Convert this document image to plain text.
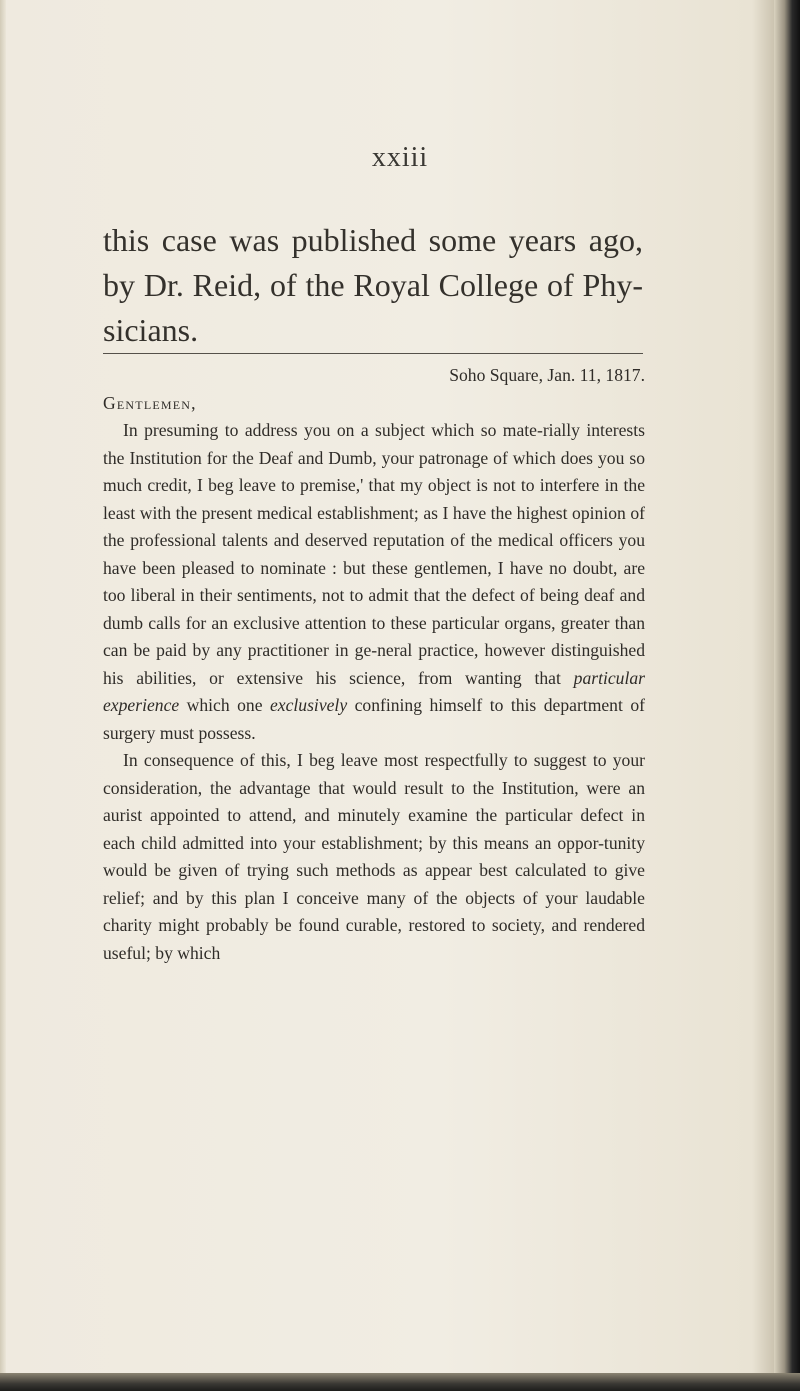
xxiii

this case was published some years ago, by Dr. Reid, of the Royal College of Phy-sicians.

Soho Square, Jan. 11, 1817.

Gentlemen,

In presuming to address you on a subject which so mate-rially interests the Institution for the Deaf and Dumb, your patronage of which does you so much credit, I beg leave to premise,' that my object is not to interfere in the least with the present medical establishment; as I have the highest opinion of the professional talents and deserved reputation of the medical officers you have been pleased to nominate : but these gentlemen, I have no doubt, are too liberal in their sentiments, not to admit that the defect of being deaf and dumb calls for an exclusive attention to these particular organs, greater than can be paid by any practitioner in ge-neral practice, however distinguished his abilities, or extensive his science, from wanting that particular experience which one exclusively confining himself to this department of surgery must possess.

In consequence of this, I beg leave most respectfully to suggest to your consideration, the advantage that would result to the Institution, were an aurist appointed to attend, and minutely examine the particular defect in each child admitted into your establishment; by this means an oppor-tunity would be given of trying such methods as appear best calculated to give relief; and by this plan I conceive many of the objects of your laudable charity might probably be found curable, restored to society, and rendered useful; by which
